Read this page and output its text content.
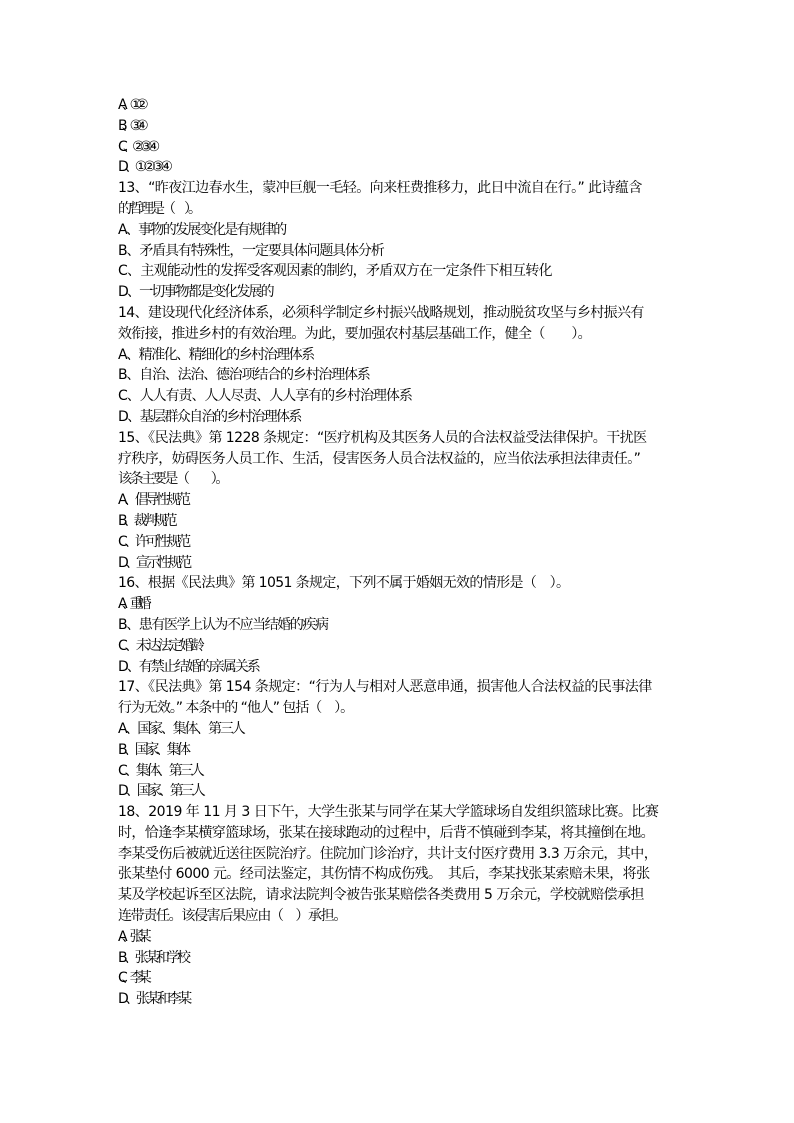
A、①②
B、③④
C、②③④
D、①②③④
13、“昨夜江边春水生，蒙冲巨舰一毛轻。向来枉费推移力，此日中流自在行。” 此诗蕴含
的哲理是（　）。
A、事物的发展变化是有规律的
B、矛盾具有特殊性，一定要具体问题具体分析
C、主观能动性的发挥受客观因素的制约，矛盾双方在一定条件下相互转化
D、一切事物都是变化发展的
14、建设现代化经济体系，必须科学制定乡村振兴战略规划，推动脱贫攻坚与乡村振兴有
效衔接，推进乡村的有效治理。为此，要加强农村基层基础工作，健全（　　）。
A、精准化、精细化的乡村治理体系
B、自治、法治、德治项结合的乡村治理体系
C、人人有责、人人尽责、人人享有的乡村治理体系
D、基层群众自治的乡村治理体系
15、《民法典》第 1228 条规定：“医疗机构及其医务人员的合法权益受法律保护。干扰医
疗秩序，妨碍医务人员工作、生活，侵害医务人员合法权益的，应当依法承担法律责任。”
该条主要是（　　）。
A、倡导性规范
B、裁判规范
C、许可性规范
D、宣示性规范
16、根据《民法典》第 1051 条规定，下列不属于婚姻无效的情形是（　）。
A、重婚
B、患有医学上认为不应当结婚的疾病
C、未达法定婚龄
D、有禁止结婚的亲属关系
17、《民法典》第 154 条规定：“行为人与相对人恶意串通，损害他人合法权益的民事法律
行为无效。” 本条中的 “他人” 包括（　）。
A、国家、集体、第三人
B、国家、集体
C、集体、第三人
D、国家、第三人
18、2019 年 11 月 3 日下午，大学生张某与同学在某大学篮球场自发组织篮球比赛。比赛
时，恰逢李某横穿篮球场，张某在接球跑动的过程中，后背不慎碰到李某，将其撞倒在地。
李某受伤后被就近送往医院治疗。住院加门诊治疗，共计支付医疗费用 3.3 万余元，其中，
张某垫付 6000 元。经司法鉴定，其伤情不构成伤残。　其后，李某找张某索赔未果，将张
某及学校起诉至区法院，请求法院判令被告张某赔偿各类费用 5 万余元，学校就赔偿承担
连带责任。该侵害后果应由（　）承担。
A、张某
B、张某和学校
C、李某
D、张某和李某
